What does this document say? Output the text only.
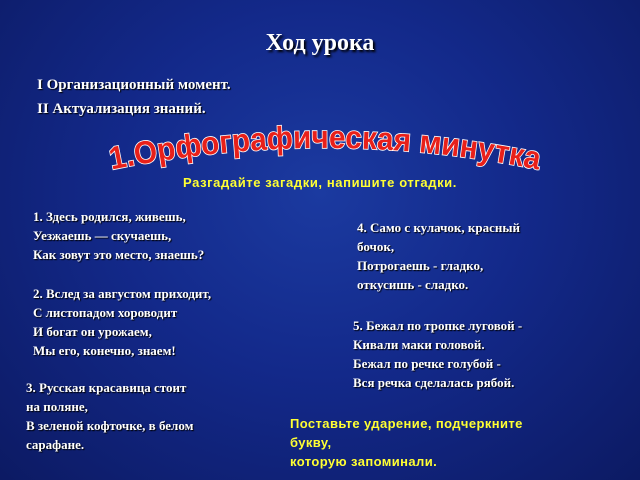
Ход урока
I Организационный момент.
II Актуализация знаний.
1.Орфографическая минутка
Разгадайте загадки, напишите отгадки.
1. Здесь родился, живешь,
Уезжаешь — скучаешь,
Как зовут это место, знаешь?
2. Вслед за августом приходит,
С листопадом хороводит
И богат он урожаем,
Мы его, конечно, знаем!
3. Русская красавица стоит
на поляне,
В зеленой кофточке, в белом
сарафане.
4. Само с кулачок, красный
бочок,
Потрогаешь - гладко,
откусишь - сладко.
5. Бежал по тропке луговой -
Кивали маки головой.
Бежал по речке голубой -
Вся речка сделалась рябой.
Поставьте ударение, подчеркните
букву,
которую запоминали.
